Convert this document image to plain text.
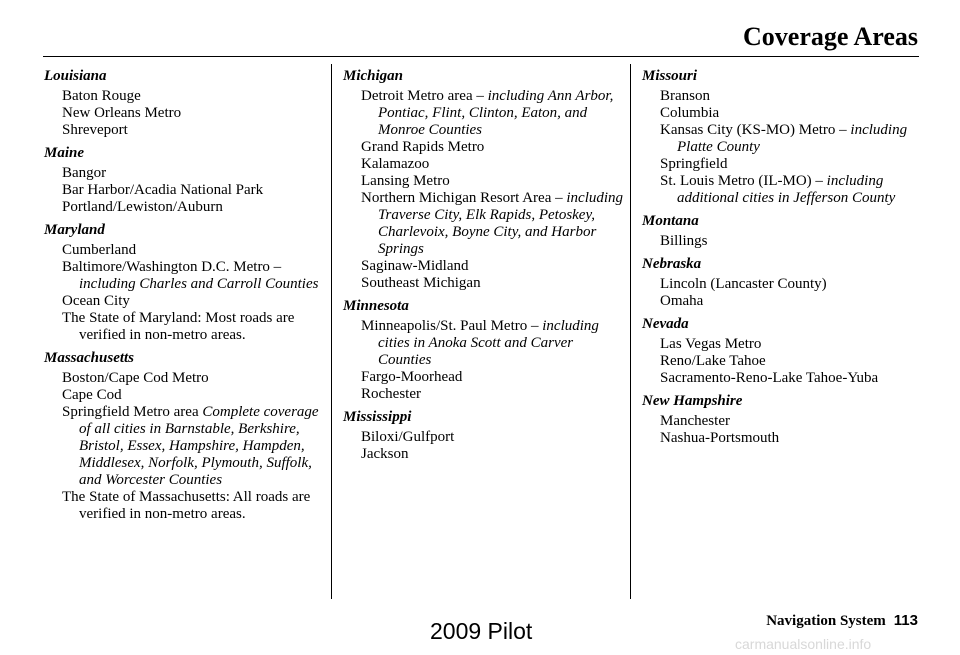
Coverage Areas
Louisiana
Baton Rouge
New Orleans Metro
Shreveport
Maine
Bangor
Bar Harbor/Acadia National Park
Portland/Lewiston/Auburn
Maryland
Cumberland
Baltimore/Washington D.C. Metro – including Charles and Carroll Counties
Ocean City
The State of Maryland: Most roads are verified in non-metro areas.
Massachusetts
Boston/Cape Cod Metro
Cape Cod
Springfield Metro area Complete coverage of all cities in Barnstable, Berkshire, Bristol, Essex, Hampshire, Hampden, Middlesex, Norfolk, Plymouth, Suffolk, and Worcester Counties
The State of Massachusetts: All roads are verified in non-metro areas.
Michigan
Detroit Metro area – including Ann Arbor, Pontiac, Flint, Clinton, Eaton, and Monroe Counties
Grand Rapids Metro
Kalamazoo
Lansing Metro
Northern Michigan Resort Area – including Traverse City, Elk Rapids, Petoskey, Charlevoix, Boyne City, and Harbor Springs
Saginaw-Midland
Southeast Michigan
Minnesota
Minneapolis/St. Paul Metro – including cities in Anoka Scott and Carver Counties
Fargo-Moorhead
Rochester
Mississippi
Biloxi/Gulfport
Jackson
Missouri
Branson
Columbia
Kansas City (KS-MO) Metro – including Platte County
Springfield
St. Louis Metro (IL-MO) – including additional cities in Jefferson County
Montana
Billings
Nebraska
Lincoln (Lancaster County)
Omaha
Nevada
Las Vegas Metro
Reno/Lake Tahoe
Sacramento-Reno-Lake Tahoe-Yuba
New Hampshire
Manchester
Nashua-Portsmouth
Navigation System 113
2009 Pilot	carmanualsonline.info
